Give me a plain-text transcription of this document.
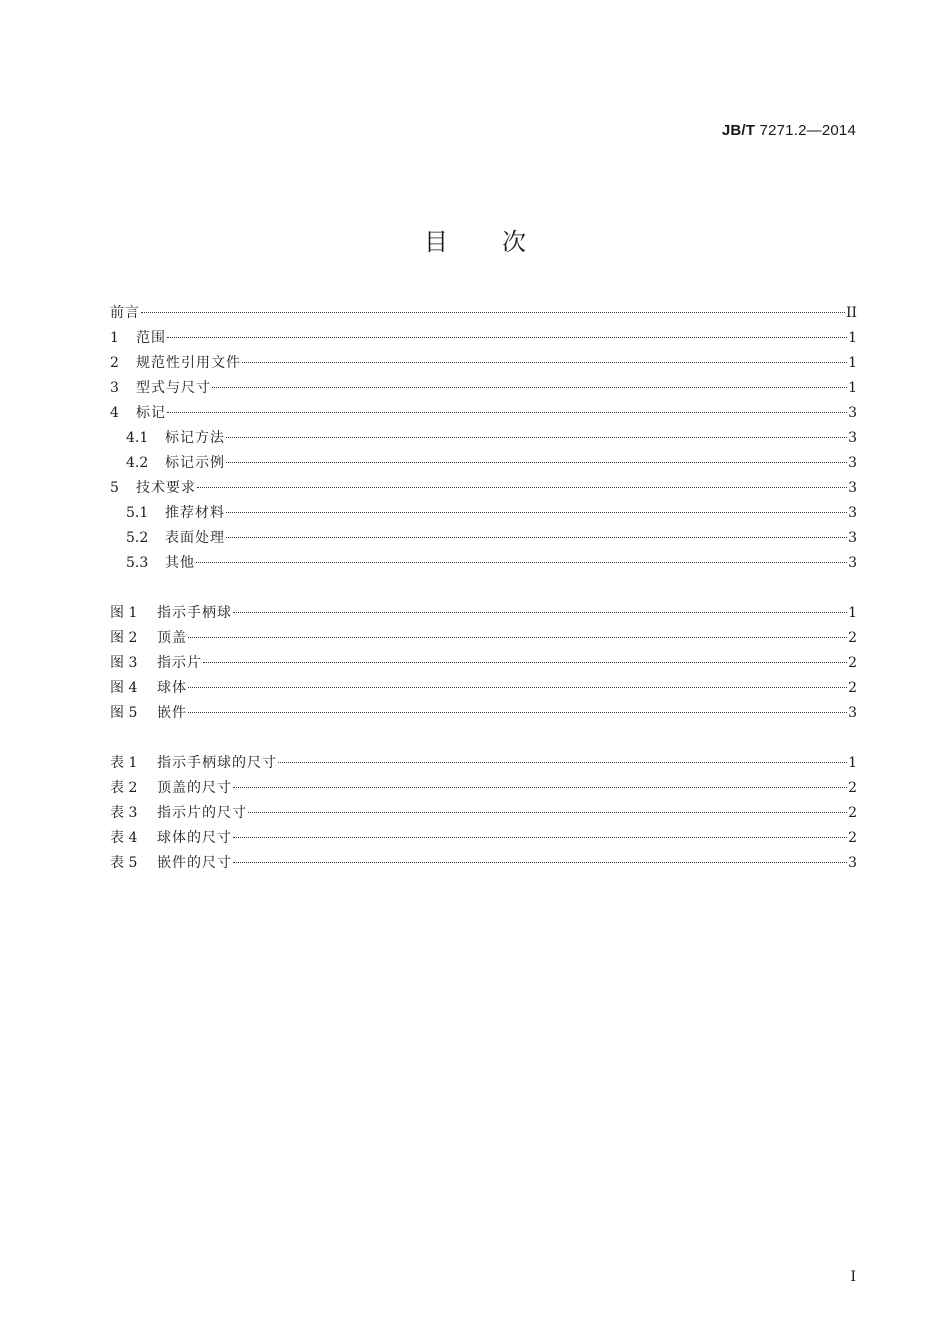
JB/T 7271.2—2014
目次
前言	II
1	范围	1
2	规范性引用文件	1
3	型式与尺寸	1
4	标记	3
4.1	标记方法	3
4.2	标记示例	3
5	技术要求	3
5.1	推荐材料	3
5.2	表面处理	3
5.3	其他	3
图 1	指示手柄球	1
图 2	顶盖	2
图 3	指示片	2
图 4	球体	2
图 5	嵌件	3
表 1	指示手柄球的尺寸	1
表 2	顶盖的尺寸	2
表 3	指示片的尺寸	2
表 4	球体的尺寸	2
表 5	嵌件的尺寸	3
I
